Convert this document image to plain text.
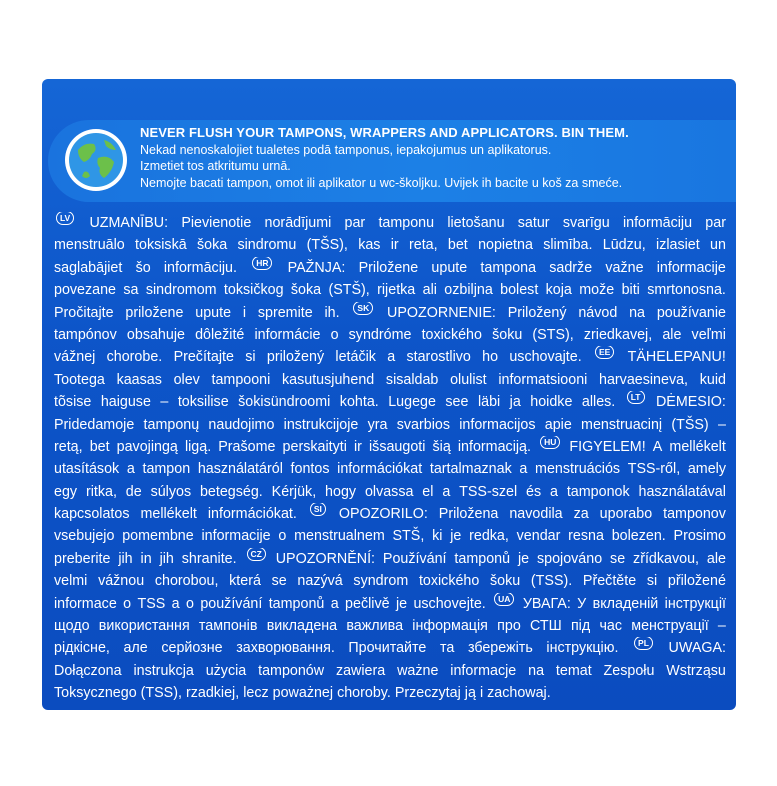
NEVER FLUSH YOUR TAMPONS, WRAPPERS AND APPLICATORS. BIN THEM.
Nekad nenoskalojiet tualetes podā tamponus, iepakojumus un aplikatorus.
Izmetiet tos atkritumu urnā.
Nemojte bacati tampon, omot ili aplikator u wc-školjku. Uvijek ih bacite u koš za smeće.
LV UZMANĪBU: Pievienotie norādījumi par tamponu lietošanu satur svarīgu informāciju par
menstruālo toksiskā šoka sindromu (TŠS), kas ir reta, bet nopietna slimība. Lūdzu, izlasiet un
saglabājiet šo informāciju.	HR PAŽNJA: Priložene upute tampona sadrže važne informacije
povezane sa sindromom toksičkog šoka (STŠ), rijetka ali ozbiljna bolest koja može biti smrtonosna.
Pročitajte priložene upute i spremite ih.	SK UPOZORNENIE: Priložený návod na používanie
tampónov obsahuje dôležité informácie o syndróme toxického šoku (STS), zriedkavej, ale veľmi
vážnej chorobe. Prečítajte si priložený letáčik a starostlivo ho uschovajte.	EE TÄHELEPANU!
Tootega kaasas olev tampooni kasutusjuhend sisaldab olulist informatsiooni harvaesineva, kuid
tõsise haiguse – toksilise šokisündroomi kohta. Lugege see läbi ja hoidke alles.	LT DĖMESIO:
Pridedamoje tamponų naudojimo instrukcijoje yra svarbios informacijos apie menstruacinį (TŠS) –
retą, bet pavojingą ligą. Prašome perskaityti ir išsaugoti šią informaciją.	HU FIGYELEM! A mellékelt
utasítások a tampon használatáról fontos információkat tartalmaznak a menstruációs TSS-ről, amely
egy ritka, de súlyos betegség. Kérjük, hogy olvassa el a TSS-szel és a tamponok használatával
kapcsolatos mellékelt információkat.	SI OPOZORILO: Priložena navodila za uporabo tamponov
vsebujejo pomembne informacije o menstrualnem STŠ, ki je redka, vendar resna bolezen. Prosimo
preberite jih in jih shranite.	CZ UPOZORNĚNÍ: Používání tamponů je spojováno se zřídkavou, ale
velmi vážnou chorobou, která se nazývá syndrom toxického šoku (TSS). Přečtěte si přiložené
informace o TSS a o používání tamponů a pečlivě je uschovejte.	UA УВАГА: У вкладеній інструкції
щодо використання тампонів викладена важлива інформація про СТШ під час менструації –
рідкісне, але серйозне захворювання. Прочитайте та збережіть інструкцію.	PL UWAGA:
Dołączona instrukcja użycia tamponów zawiera ważne informacje na temat Zespołu Wstrząsu
Toksycznego (TSS), rzadkiej, lecz poważnej choroby. Przeczytaj ją i zachowaj.
